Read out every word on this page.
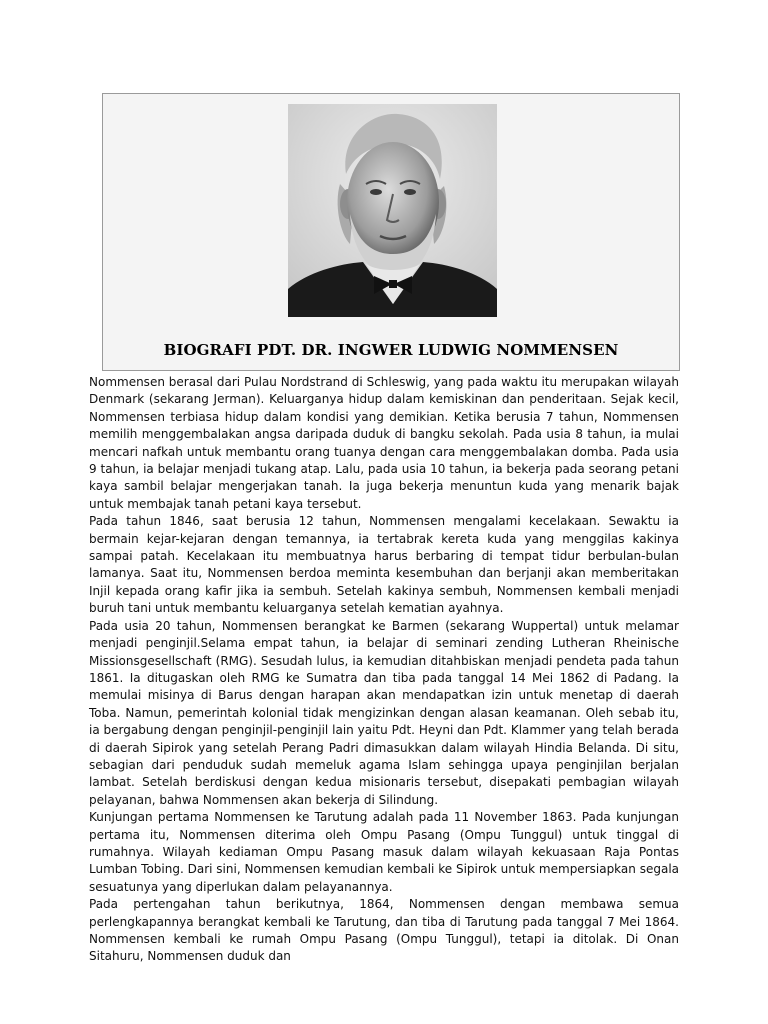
BIOGRAFI PDT. DR. INGWER LUDWIG NOMMENSEN

Nommensen berasal dari Pulau Nordstrand di Schleswig, yang pada waktu itu merupakan wilayah Denmark (sekarang Jerman). Keluarganya hidup dalam kemiskinan dan penderitaan. Sejak kecil, Nommensen terbiasa hidup dalam kondisi yang demikian. Ketika berusia 7 tahun, Nommensen memilih menggembalakan angsa daripada duduk di bangku sekolah. Pada usia 8 tahun, ia mulai mencari nafkah untuk membantu orang tuanya dengan cara menggembalakan domba. Pada usia 9 tahun, ia belajar menjadi tukang atap. Lalu, pada usia 10 tahun, ia bekerja pada seorang petani kaya sambil belajar mengerjakan tanah. Ia juga bekerja menuntun kuda yang menarik bajak untuk membajak tanah petani kaya tersebut.

Pada tahun 1846, saat berusia 12 tahun, Nommensen mengalami kecelakaan. Sewaktu ia bermain kejar-kejaran dengan temannya, ia tertabrak kereta kuda yang menggilas kakinya sampai patah. Kecelakaan itu membuatnya harus berbaring di tempat tidur berbulan-bulan lamanya. Saat itu, Nommensen berdoa meminta kesembuhan dan berjanji akan memberitakan Injil kepada orang kafir jika ia sembuh. Setelah kakinya sembuh, Nommensen kembali menjadi buruh tani untuk membantu keluarganya setelah kematian ayahnya.

Pada usia 20 tahun, Nommensen berangkat ke Barmen (sekarang Wuppertal) untuk melamar menjadi penginjil.Selama empat tahun, ia belajar di seminari zending Lutheran Rheinische Missionsgesellschaft (RMG). Sesudah lulus, ia kemudian ditahbiskan menjadi pendeta pada tahun 1861. Ia ditugaskan oleh RMG ke Sumatra dan tiba pada tanggal 14 Mei 1862 di Padang. Ia memulai misinya di Barus dengan harapan akan mendapatkan izin untuk menetap di daerah Toba. Namun, pemerintah kolonial tidak mengizinkan dengan alasan keamanan. Oleh sebab itu, ia bergabung dengan penginjil-penginjil lain yaitu Pdt. Heyni dan Pdt. Klammer yang telah berada di daerah Sipirok yang setelah Perang Padri dimasukkan dalam wilayah Hindia Belanda. Di situ, sebagian dari penduduk sudah memeluk agama Islam sehingga upaya penginjilan berjalan lambat. Setelah berdiskusi dengan kedua misionaris tersebut, disepakati pembagian wilayah pelayanan, bahwa Nommensen akan bekerja di Silindung.

Kunjungan pertama Nommensen ke Tarutung adalah pada 11 November 1863. Pada kunjungan pertama itu, Nommensen diterima oleh Ompu Pasang (Ompu Tunggul) untuk tinggal di rumahnya. Wilayah kediaman Ompu Pasang masuk dalam wilayah kekuasaan Raja Pontas Lumban Tobing. Dari sini, Nommensen kemudian kembali ke Sipirok untuk mempersiapkan segala sesuatunya yang diperlukan dalam pelayanannya.

Pada pertengahan tahun berikutnya, 1864, Nommensen dengan membawa semua perlengkapannya berangkat kembali ke Tarutung, dan tiba di Tarutung pada tanggal 7 Mei 1864. Nommensen kembali ke rumah Ompu Pasang (Ompu Tunggul), tetapi ia ditolak. Di Onan Sitahuru, Nommensen duduk dan
